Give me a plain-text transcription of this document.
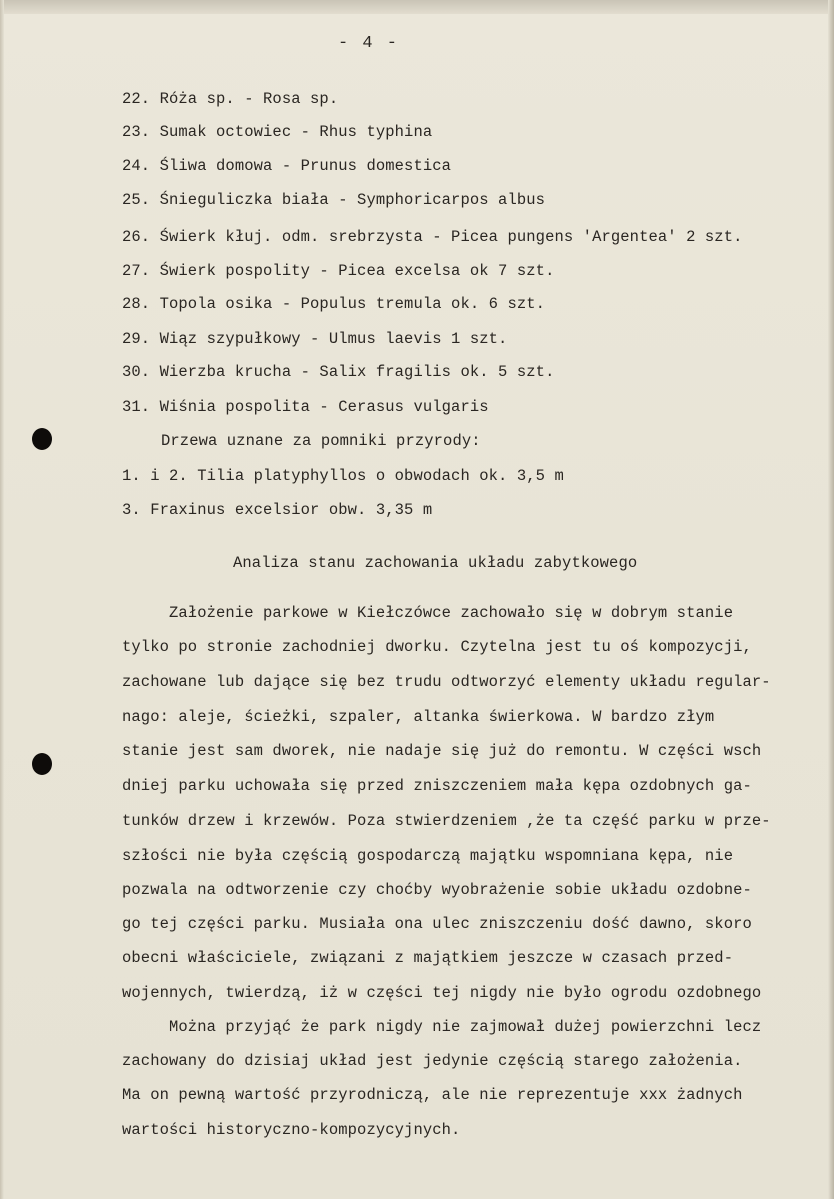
- 4 -
22. Róża sp. - Rosa sp.
23. Sumak octowiec - Rhus typhina
24. Śliwa domowa - Prunus domestica
25. Śnieguliczka biała - Symphoricarpos albus
26. Świerk kłuj. odm. srebrzysta - Picea pungens 'Argentea' 2 szt.
27. Świerk pospolity - Picea excelsa ok 7 szt.
28. Topola osika - Populus tremula ok. 6 szt.
29. Wiąz szypułkowy - Ulmus laevis 1 szt.
30. Wierzba krucha - Salix fragilis ok. 5 szt.
31. Wiśnia pospolita - Cerasus vulgaris
Drzewa uznane za pomniki przyrody:
1. i 2. Tilia platyphyllos o obwodach ok. 3,5 m
3. Fraxinus excelsior obw. 3,35 m
Analiza stanu zachowania układu zabytkowego
Założenie parkowe w Kiełczówce zachowało się w dobrym stanie
tylko po stronie zachodniej dworku. Czytelna jest tu oś kompozycji,
zachowane lub dające się bez trudu odtworzyć elementy układu regular-
nago: aleje, ścieżki, szpaler, altanka świerkowa. W bardzo złym
stanie jest sam dworek, nie nadaje się już do remontu. W części wsch
dniej parku uchowała się przed zniszczeniem mała kępa ozdobnych ga-
tunków drzew i krzewów. Poza stwierdzeniem ,że ta część parku w prze-
szłości nie była częścią gospodarczą majątku wspomniana kępa, nie
pozwala na odtworzenie czy choćby wyobrażenie sobie układu ozdobne-
go tej części parku. Musiała ona ulec zniszczeniu dość dawno, skoro
obecni właściciele, związani z majątkiem jeszcze w czasach przed-
wojennych, twierdzą, iż w części tej nigdy nie było ogrodu ozdobnego
Można przyjąć że park nigdy nie zajmował dużej powierzchni lecz
zachowany do dzisiaj układ jest jedynie częścią starego założenia.
Ma on pewną wartość przyrodniczą, ale nie reprezentuje xxx żadnych
wartości historyczno-kompozycyjnych.
